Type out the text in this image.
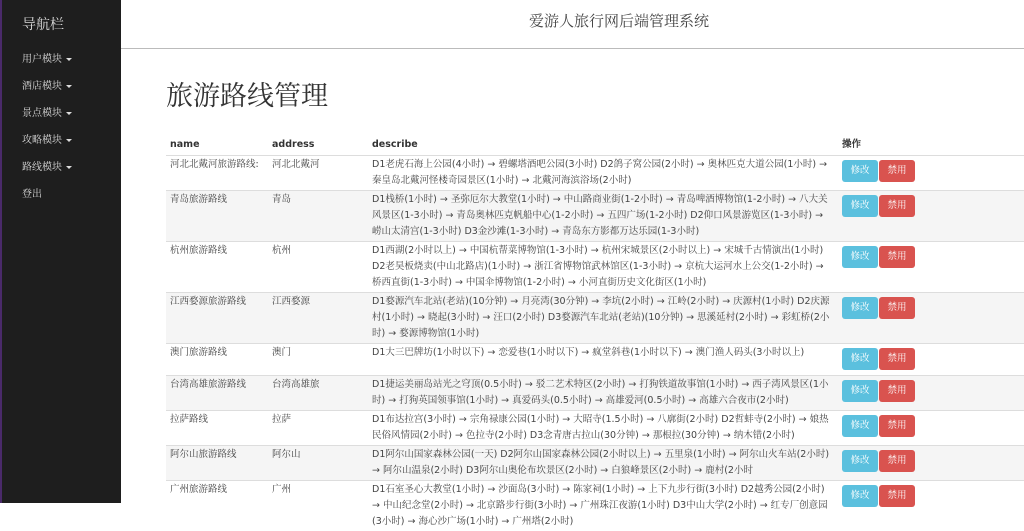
导航栏
用户模块
酒店模块
景点模块
攻略模块
路线模块
登出
爱游人旅行网后端管理系统
旅游路线管理
name	address	describe	操作
河北北戴河旅游路线:	河北北戴河	D1老虎石海上公园(4小时) → 碧螺塔酒吧公园(3小时) D2鸽子窝公园(2小时) → 奥林匹克大道公园(1小时) → 秦皇岛北戴河怪楼奇园景区(1小时) → 北戴河海滨浴场(2小时)	修改 禁用
青岛旅游路线	青岛	D1栈桥(1小时) → 圣弥厄尔大教堂(1小时) → 中山路商业街(1-2小时) → 青岛啤酒博物馆(1-2小时) → 八大关风景区(1-3小时) → 青岛奥林匹克帆船中心(1-2小时) → 五四广场(1-2小时) D2仰口风景游览区(1-3小时) → 崂山太清宫(1-3小时) D3金沙滩(1-3小时) → 青岛东方影都万达乐园(1-3小时)	修改 禁用
杭州旅游路线	杭州	D1西湖(2小时以上) → 中国杭帮菜博物馆(1-3小时) → 杭州宋城景区(2小时以上) → 宋城千古情演出(1小时) D2老昊板烧卖(中山北路店)(1小时) → 浙江省博物馆武林馆区(1-3小时) → 京杭大运河水上公交(1-2小时) → 桥西直街(1-3小时) → 中国伞博物馆(1-2小时) → 小河直街历史文化街区(1小时)	修改 禁用
江西婺源旅游路线	江西婺源	D1婺源汽车北站(老站)(10分钟) → 月亮湾(30分钟) → 李坑(2小时) → 江岭(2小时) → 庆源村(1小时) D2庆源村(1小时) → 晓起(3小时) → 汪口(2小时) D3婺源汽车北站(老站)(10分钟) → 思溪延村(2小时) → 彩虹桥(2小时) → 婺源博物馆(1小时)	修改 禁用
澳门旅游路线	澳门	D1大三巴牌坊(1小时以下) → 恋爱巷(1小时以下) → 疯堂斜巷(1小时以下) → 澳门渔人码头(3小时以上)	修改 禁用
台湾高雄旅游路线	台湾高雄旅	D1捷运美丽岛站光之穹顶(0.5小时) → 驳二艺术特区(2小时) → 打狗铁道故事馆(1小时) → 西子湾风景区(1小时) → 打狗英国领事馆(1小时) → 真爱码头(0.5小时) → 高雄爱河(0.5小时) → 高雄六合夜市(2小时)	修改 禁用
拉萨路线	拉萨	D1布达拉宫(3小时) → 宗角禄康公园(1小时) → 大昭寺(1.5小时) → 八廓街(2小时) D2哲蚌寺(2小时) → 娘热民俗风情园(2小时) → 色拉寺(2小时) D3念青唐古拉山(30分钟) → 那根拉(30分钟) → 纳木错(2小时)	修改 禁用
阿尔山旅游路线	阿尔山	D1阿尔山国家森林公园(一天) D2阿尔山国家森林公园(2小时以上) → 五里泉(1小时) → 阿尔山火车站(2小时) → 阿尔山温泉(2小时) D3阿尔山奥伦布坎景区(2小时) → 白狼峰景区(2小时) → 鹿村(2小时	修改 禁用
广州旅游路线	广州	D1石室圣心大教堂(1小时) → 沙面岛(3小时) → 陈家祠(1小时) → 上下九步行街(3小时) D2越秀公园(2小时) → 中山纪念堂(2小时) → 北京路步行街(3小时) → 广州珠江夜游(1小时) D3中山大学(2小时) → 红专厂创意园(3小时) → 海心沙广场(1小时) → 广州塔(2小时)	修改 禁用
